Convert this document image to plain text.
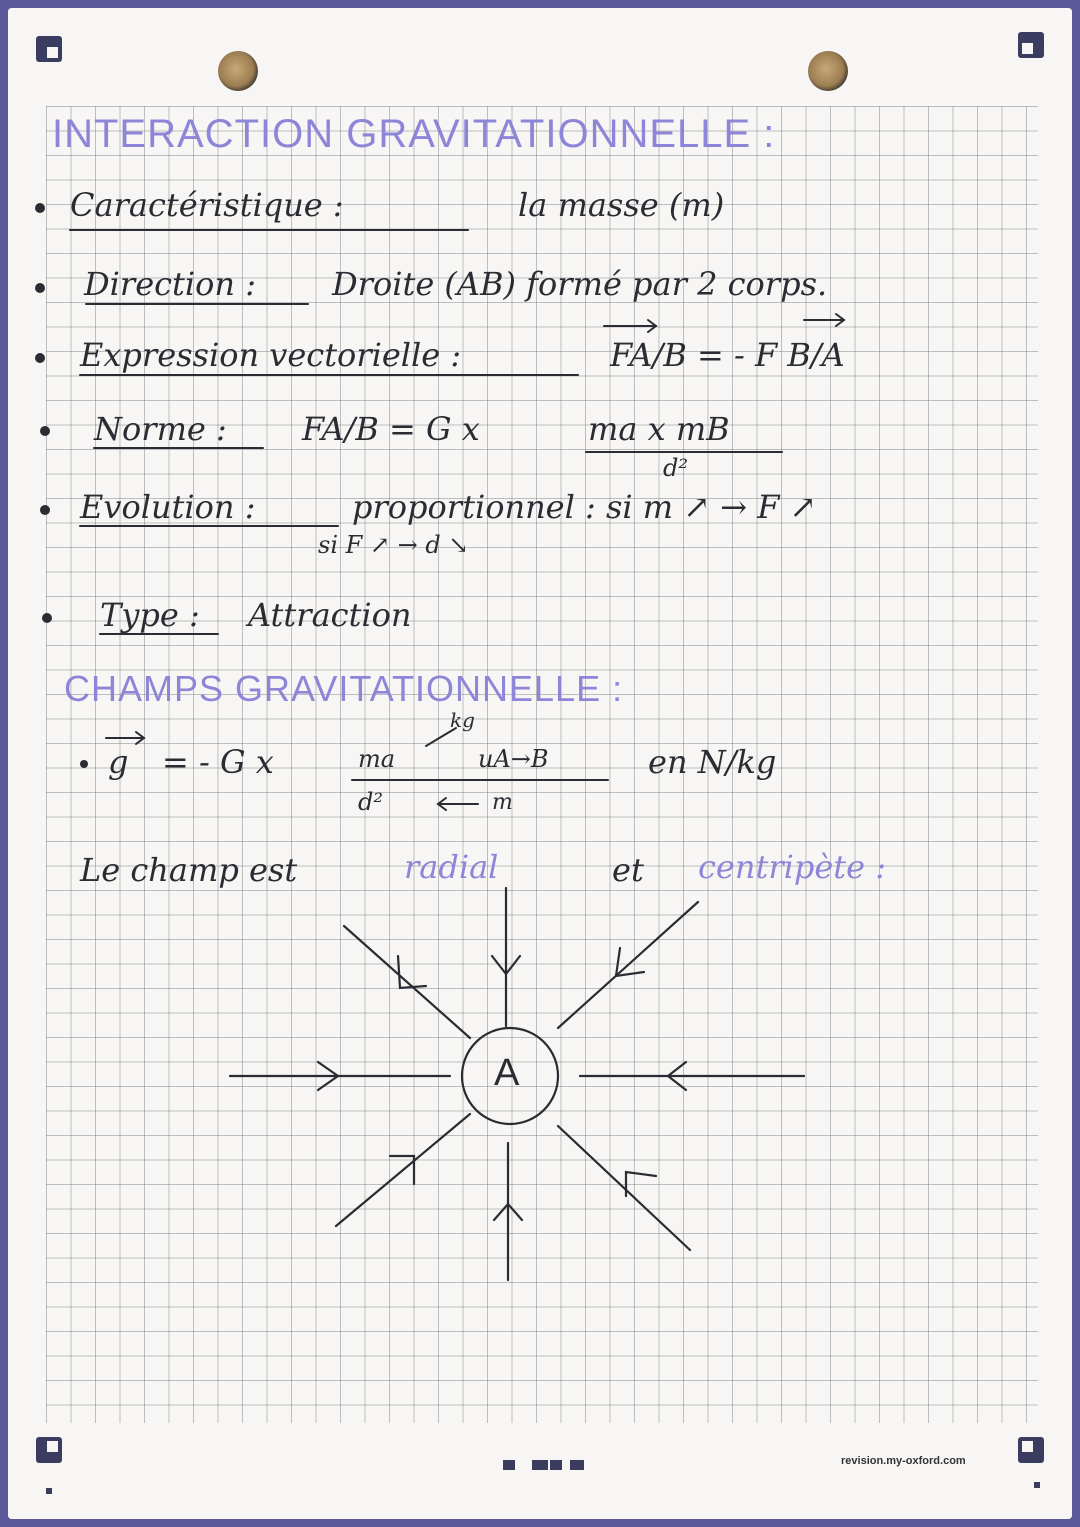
INTERACTION GRAVITATIONNELLE :
Caractéristique :	la masse (m)
Direction : Droite (AB) formé par 2 corps.
Expression vectorielle :	FA/B = - F B/A
Norme : FA/B = G x	ma x mB
d²
Evolution :	proportionnel : si m ↗ → F ↗
si F ↗ → d ↘
Type : Attraction
CHAMPS GRAVITATIONNELLE :
g = - G x	ma
d²
uA→B	en N/kg
kg
m
Le champ est	radial	et centripète :
A
revision.my-oxford.com
